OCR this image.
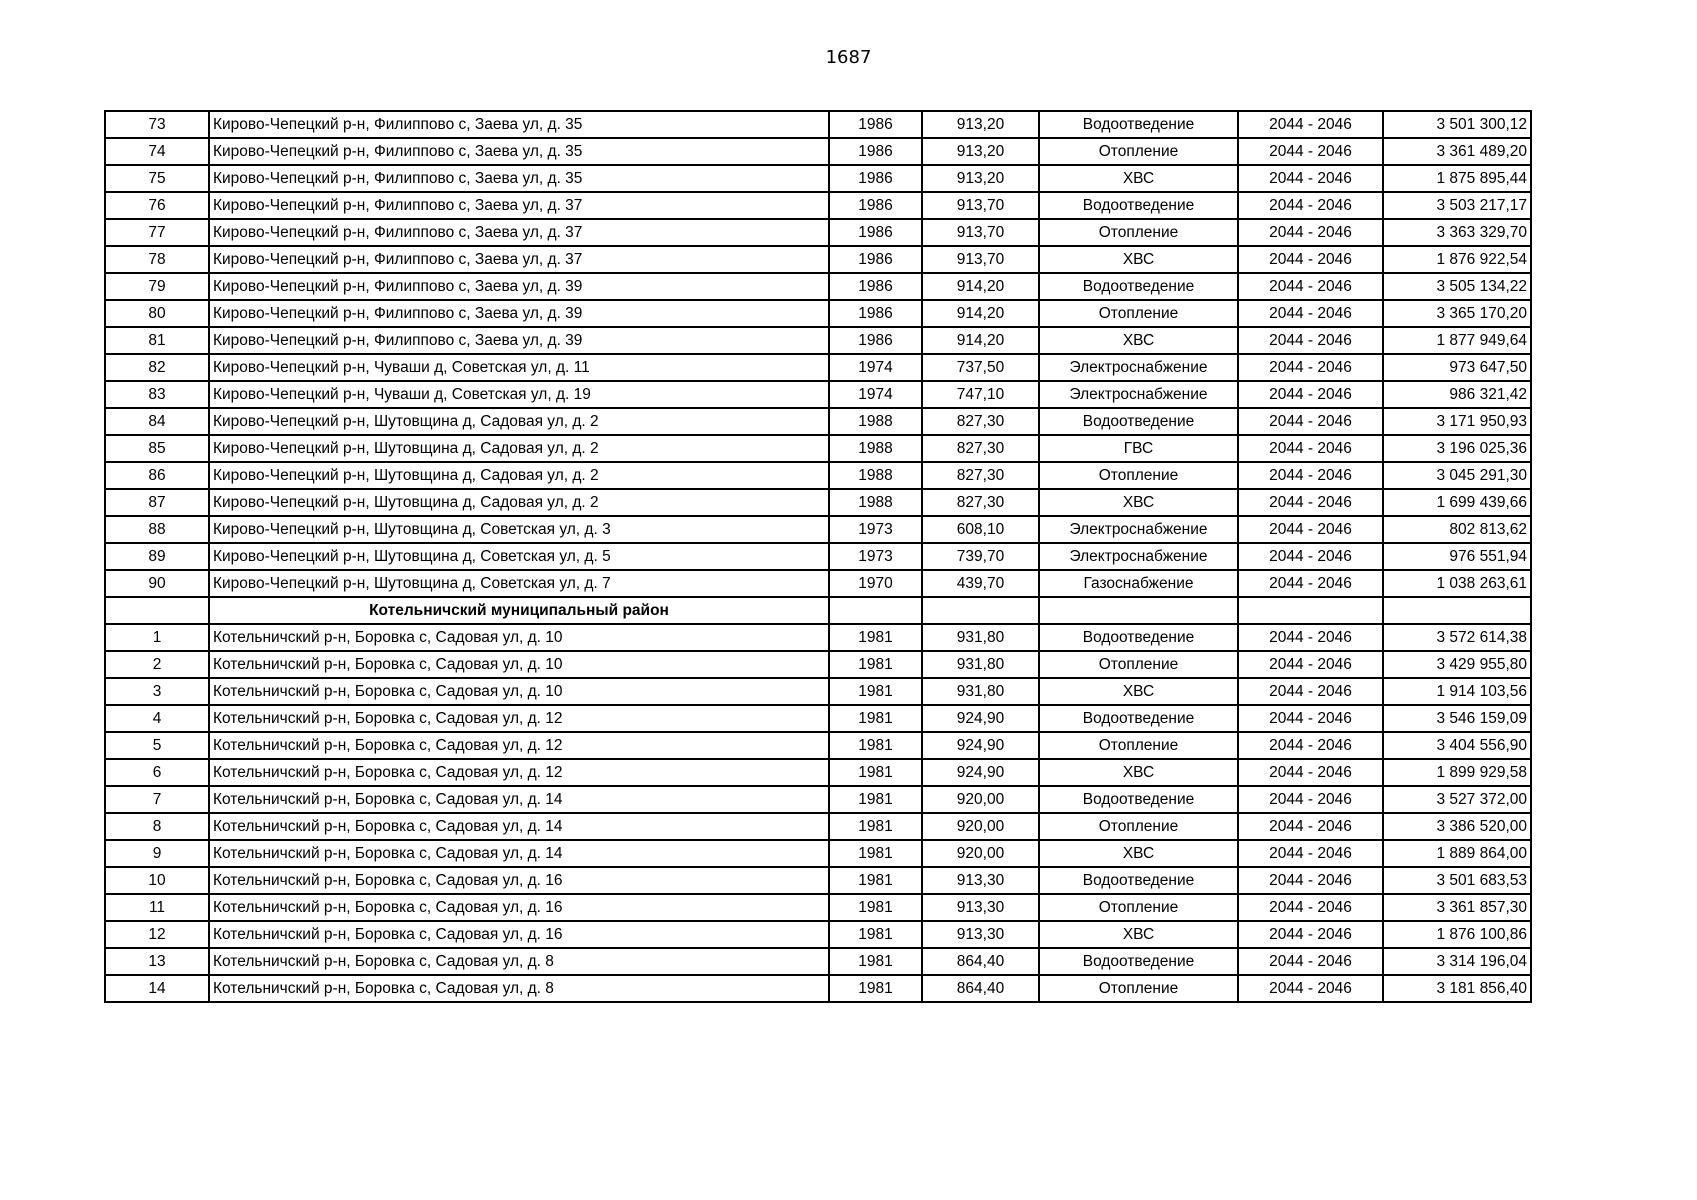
1687
73	Кирово-Чепецкий р-н, Филиппово с, Заева ул, д. 35	1986	913,20	Водоотведение	2044 - 2046	3 501 300,12
74	Кирово-Чепецкий р-н, Филиппово с, Заева ул, д. 35	1986	913,20	Отопление	2044 - 2046	3 361 489,20
75	Кирово-Чепецкий р-н, Филиппово с, Заева ул, д. 35	1986	913,20	ХВС	2044 - 2046	1 875 895,44
76	Кирово-Чепецкий р-н, Филиппово с, Заева ул, д. 37	1986	913,70	Водоотведение	2044 - 2046	3 503 217,17
77	Кирово-Чепецкий р-н, Филиппово с, Заева ул, д. 37	1986	913,70	Отопление	2044 - 2046	3 363 329,70
78	Кирово-Чепецкий р-н, Филиппово с, Заева ул, д. 37	1986	913,70	ХВС	2044 - 2046	1 876 922,54
79	Кирово-Чепецкий р-н, Филиппово с, Заева ул, д. 39	1986	914,20	Водоотведение	2044 - 2046	3 505 134,22
80	Кирово-Чепецкий р-н, Филиппово с, Заева ул, д. 39	1986	914,20	Отопление	2044 - 2046	3 365 170,20
81	Кирово-Чепецкий р-н, Филиппово с, Заева ул, д. 39	1986	914,20	ХВС	2044 - 2046	1 877 949,64
82	Кирово-Чепецкий р-н, Чуваши д, Советская ул, д. 11	1974	737,50	Электроснабжение	2044 - 2046	973 647,50
83	Кирово-Чепецкий р-н, Чуваши д, Советская ул, д. 19	1974	747,10	Электроснабжение	2044 - 2046	986 321,42
84	Кирово-Чепецкий р-н, Шутовщина д, Садовая ул, д. 2	1988	827,30	Водоотведение	2044 - 2046	3 171 950,93
85	Кирово-Чепецкий р-н, Шутовщина д, Садовая ул, д. 2	1988	827,30	ГВС	2044 - 2046	3 196 025,36
86	Кирово-Чепецкий р-н, Шутовщина д, Садовая ул, д. 2	1988	827,30	Отопление	2044 - 2046	3 045 291,30
87	Кирово-Чепецкий р-н, Шутовщина д, Садовая ул, д. 2	1988	827,30	ХВС	2044 - 2046	1 699 439,66
88	Кирово-Чепецкий р-н, Шутовщина д, Советская ул, д. 3	1973	608,10	Электроснабжение	2044 - 2046	802 813,62
89	Кирово-Чепецкий р-н, Шутовщина д, Советская ул, д. 5	1973	739,70	Электроснабжение	2044 - 2046	976 551,94
90	Кирово-Чепецкий р-н, Шутовщина д, Советская ул, д. 7	1970	439,70	Газоснабжение	2044 - 2046	1 038 263,61
	Котельничский муниципальный район					
1	Котельничский р-н, Боровка с, Садовая ул, д. 10	1981	931,80	Водоотведение	2044 - 2046	3 572 614,38
2	Котельничский р-н, Боровка с, Садовая ул, д. 10	1981	931,80	Отопление	2044 - 2046	3 429 955,80
3	Котельничский р-н, Боровка с, Садовая ул, д. 10	1981	931,80	ХВС	2044 - 2046	1 914 103,56
4	Котельничский р-н, Боровка с, Садовая ул, д. 12	1981	924,90	Водоотведение	2044 - 2046	3 546 159,09
5	Котельничский р-н, Боровка с, Садовая ул, д. 12	1981	924,90	Отопление	2044 - 2046	3 404 556,90
6	Котельничский р-н, Боровка с, Садовая ул, д. 12	1981	924,90	ХВС	2044 - 2046	1 899 929,58
7	Котельничский р-н, Боровка с, Садовая ул, д. 14	1981	920,00	Водоотведение	2044 - 2046	3 527 372,00
8	Котельничский р-н, Боровка с, Садовая ул, д. 14	1981	920,00	Отопление	2044 - 2046	3 386 520,00
9	Котельничский р-н, Боровка с, Садовая ул, д. 14	1981	920,00	ХВС	2044 - 2046	1 889 864,00
10	Котельничский р-н, Боровка с, Садовая ул, д. 16	1981	913,30	Водоотведение	2044 - 2046	3 501 683,53
11	Котельничский р-н, Боровка с, Садовая ул, д. 16	1981	913,30	Отопление	2044 - 2046	3 361 857,30
12	Котельничский р-н, Боровка с, Садовая ул, д. 16	1981	913,30	ХВС	2044 - 2046	1 876 100,86
13	Котельничский р-н, Боровка с, Садовая ул, д. 8	1981	864,40	Водоотведение	2044 - 2046	3 314 196,04
14	Котельничский р-н, Боровка с, Садовая ул, д. 8	1981	864,40	Отопление	2044 - 2046	3 181 856,40
